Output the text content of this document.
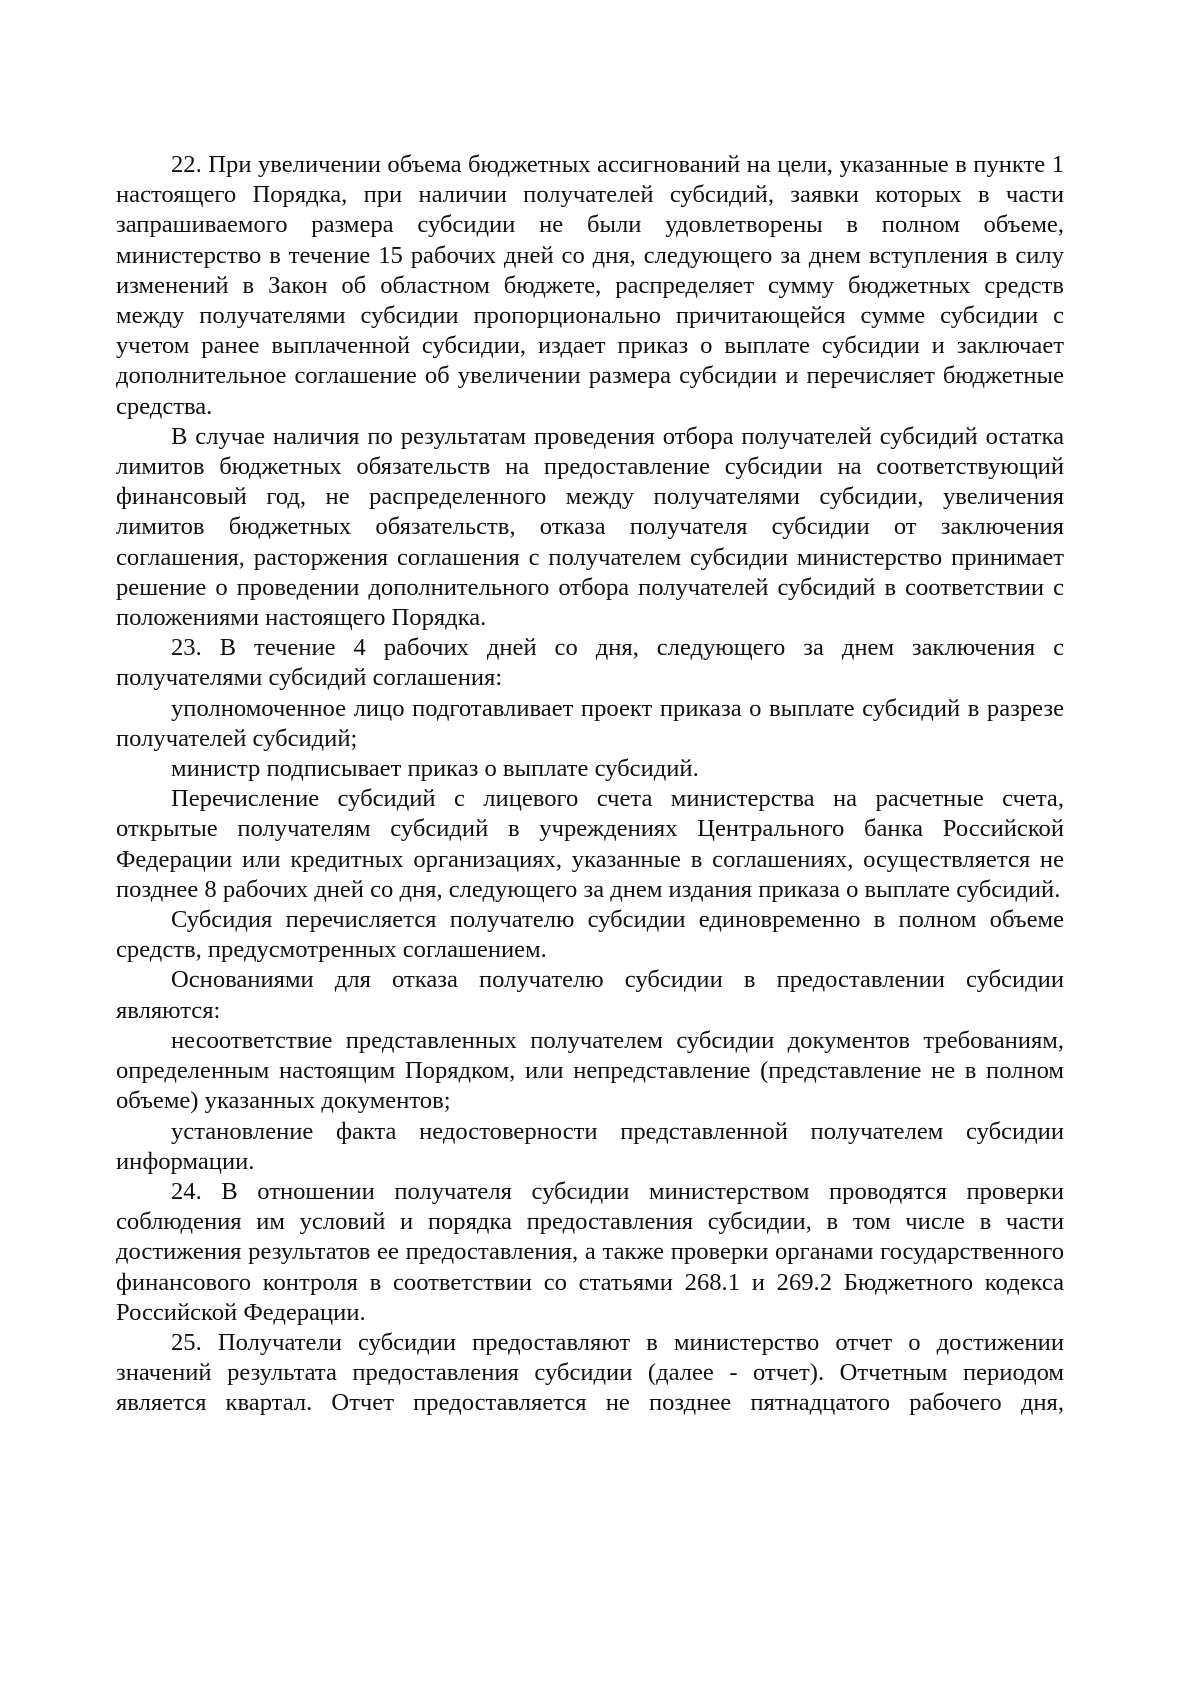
22. При увеличении объема бюджетных ассигнований на цели, указанные в пункте 1 настоящего Порядка, при наличии получателей субсидий, заявки которых в части запрашиваемого размера субсидии не были удовлетворены в полном объеме, министерство в течение 15 рабочих дней со дня, следующего за днем вступления в силу изменений в Закон об областном бюджете, распределяет сумму бюджетных средств между получателями субсидии пропорционально причитающейся сумме субсидии с учетом ранее выплаченной субсидии, издает приказ о выплате субсидии и заключает дополнительное соглашение об увеличении размера субсидии и перечисляет бюджетные средства.

В случае наличия по результатам проведения отбора получателей субсидий остатка лимитов бюджетных обязательств на предоставление субсидии на соответствующий финансовый год, не распределенного между получателями субсидии, увеличения лимитов бюджетных обязательств, отказа получателя субсидии от заключения соглашения, расторжения соглашения с получателем субсидии министерство принимает решение о проведении дополнительного отбора получателей субсидий в соответствии с положениями настоящего Порядка.

23. В течение 4 рабочих дней со дня, следующего за днем заключения с получателями субсидий соглашения:

уполномоченное лицо подготавливает проект приказа о выплате субсидий в разрезе получателей субсидий;

министр подписывает приказ о выплате субсидий.

Перечисление субсидий с лицевого счета министерства на расчетные счета, открытые получателям субсидий в учреждениях Центрального банка Российской Федерации или кредитных организациях, указанные в соглашениях, осуществляется не позднее 8 рабочих дней со дня, следующего за днем издания приказа о выплате субсидий.

Субсидия перечисляется получателю субсидии единовременно в полном объеме средств, предусмотренных соглашением.

Основаниями для отказа получателю субсидии в предоставлении субсидии являются:

несоответствие представленных получателем субсидии документов требованиям, определенным настоящим Порядком, или непредставление (представление не в полном объеме) указанных документов;

установление факта недостоверности представленной получателем субсидии информации.

24. В отношении получателя субсидии министерством проводятся проверки соблюдения им условий и порядка предоставления субсидии, в том числе в части достижения результатов ее предоставления, а также проверки органами государственного финансового контроля в соответствии со статьями 268.1 и 269.2 Бюджетного кодекса Российской Федерации.

25. Получатели субсидии предоставляют в министерство отчет о достижении значений результата предоставления субсидии (далее - отчет). Отчетным периодом является квартал. Отчет предоставляется не позднее пятнадцатого рабочего дня,
